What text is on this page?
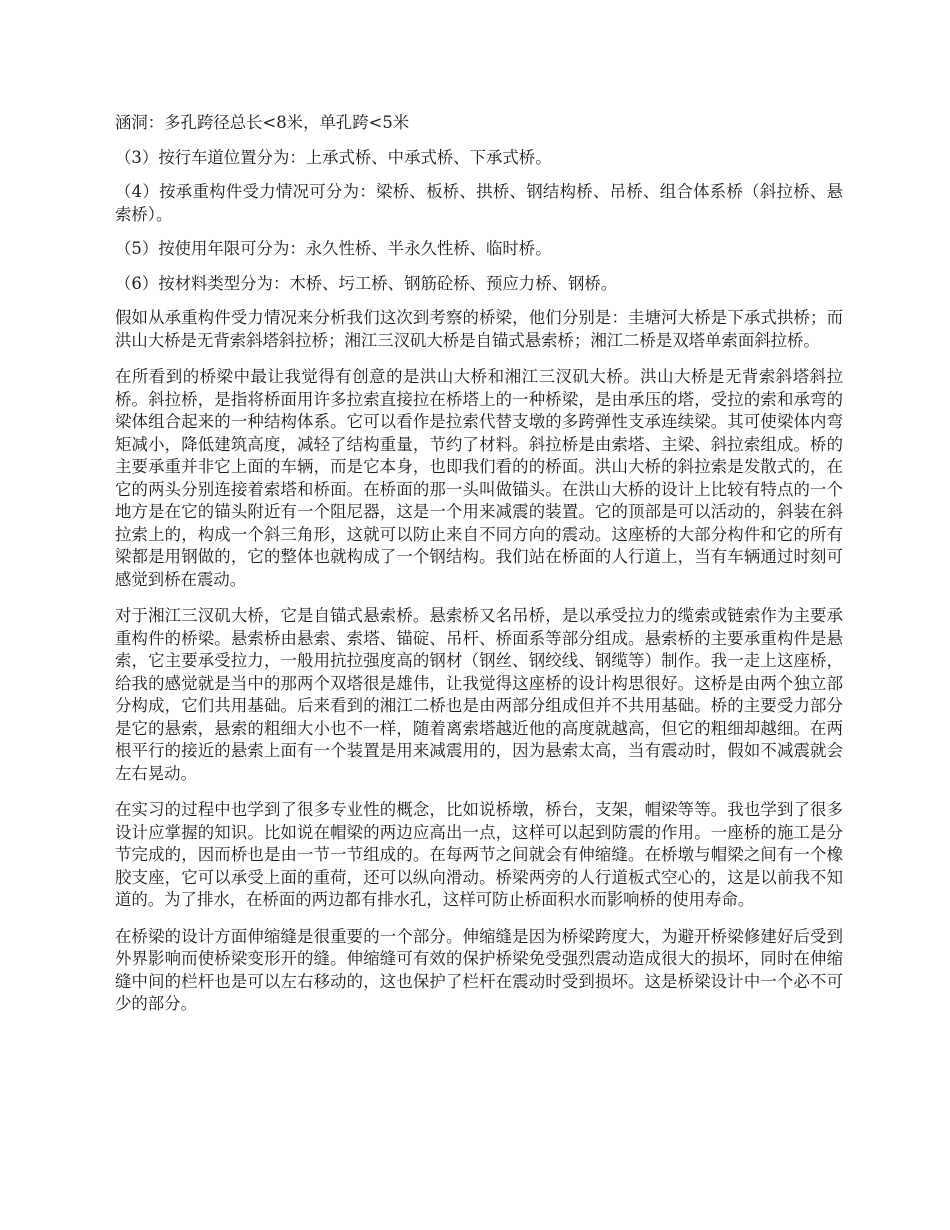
涵洞：多孔跨径总长<8米，单孔跨<5米

（3）按行车道位置分为：上承式桥、中承式桥、下承式桥。

（4）按承重构件受力情况可分为：梁桥、板桥、拱桥、钢结构桥、吊桥、组合体系桥（斜拉桥、悬索桥）。

（5）按使用年限可分为：永久性桥、半永久性桥、临时桥。

（6）按材料类型分为：木桥、圬工桥、钢筋砼桥、预应力桥、钢桥。

假如从承重构件受力情况来分析我们这次到考察的桥梁，他们分别是：圭塘河大桥是下承式拱桥；而洪山大桥是无背索斜塔斜拉桥；湘江三汊矶大桥是自锚式悬索桥；湘江二桥是双塔单索面斜拉桥。

在所看到的桥梁中最让我觉得有创意的是洪山大桥和湘江三汊矶大桥。洪山大桥是无背索斜塔斜拉桥。斜拉桥，是指将桥面用许多拉索直接拉在桥塔上的一种桥梁，是由承压的塔，受拉的索和承弯的梁体组合起来的一种结构体系。它可以看作是拉索代替支墩的多跨弹性支承连续梁。其可使梁体内弯矩减小，降低建筑高度，减轻了结构重量，节约了材料。斜拉桥是由索塔、主梁、斜拉索组成。桥的主要承重并非它上面的车辆，而是它本身，也即我们看的的桥面。洪山大桥的斜拉索是发散式的，在它的两头分别连接着索塔和桥面。在桥面的那一头叫做锚头。在洪山大桥的设计上比较有特点的一个地方是在它的锚头附近有一个阻尼器，这是一个用来减震的装置。它的顶部是可以活动的，斜装在斜拉索上的，构成一个斜三角形，这就可以防止来自不同方向的震动。这座桥的大部分构件和它的所有梁都是用钢做的，它的整体也就构成了一个钢结构。我们站在桥面的人行道上，当有车辆通过时刻可感觉到桥在震动。

对于湘江三汊矶大桥，它是自锚式悬索桥。悬索桥又名吊桥，是以承受拉力的缆索或链索作为主要承重构件的桥梁。悬索桥由悬索、索塔、锚碇、吊杆、桥面系等部分组成。悬索桥的主要承重构件是悬索，它主要承受拉力，一般用抗拉强度高的钢材（钢丝、钢绞线、钢缆等）制作。我一走上这座桥，给我的感觉就是当中的那两个双塔很是雄伟，让我觉得这座桥的设计构思很好。这桥是由两个独立部分构成，它们共用基础。后来看到的湘江二桥也是由两部分组成但并不共用基础。桥的主要受力部分是它的悬索，悬索的粗细大小也不一样，随着离索塔越近他的高度就越高，但它的粗细却越细。在两根平行的接近的悬索上面有一个装置是用来减震用的，因为悬索太高，当有震动时，假如不减震就会左右晃动。

在实习的过程中也学到了很多专业性的概念，比如说桥墩，桥台，支架，帽梁等等。我也学到了很多设计应掌握的知识。比如说在帽梁的两边应高出一点，这样可以起到防震的作用。一座桥的施工是分节完成的，因而桥也是由一节一节组成的。在每两节之间就会有伸缩缝。在桥墩与帽梁之间有一个橡胶支座，它可以承受上面的重荷，还可以纵向滑动。桥梁两旁的人行道板式空心的，这是以前我不知道的。为了排水，在桥面的两边都有排水孔，这样可防止桥面积水而影响桥的使用寿命。

在桥梁的设计方面伸缩缝是很重要的一个部分。伸缩缝是因为桥梁跨度大，为避开桥梁修建好后受到外界影响而使桥梁变形开的缝。伸缩缝可有效的保护桥梁免受强烈震动造成很大的损坏，同时在伸缩缝中间的栏杆也是可以左右移动的，这也保护了栏杆在震动时受到损坏。这是桥梁设计中一个必不可少的部分。
